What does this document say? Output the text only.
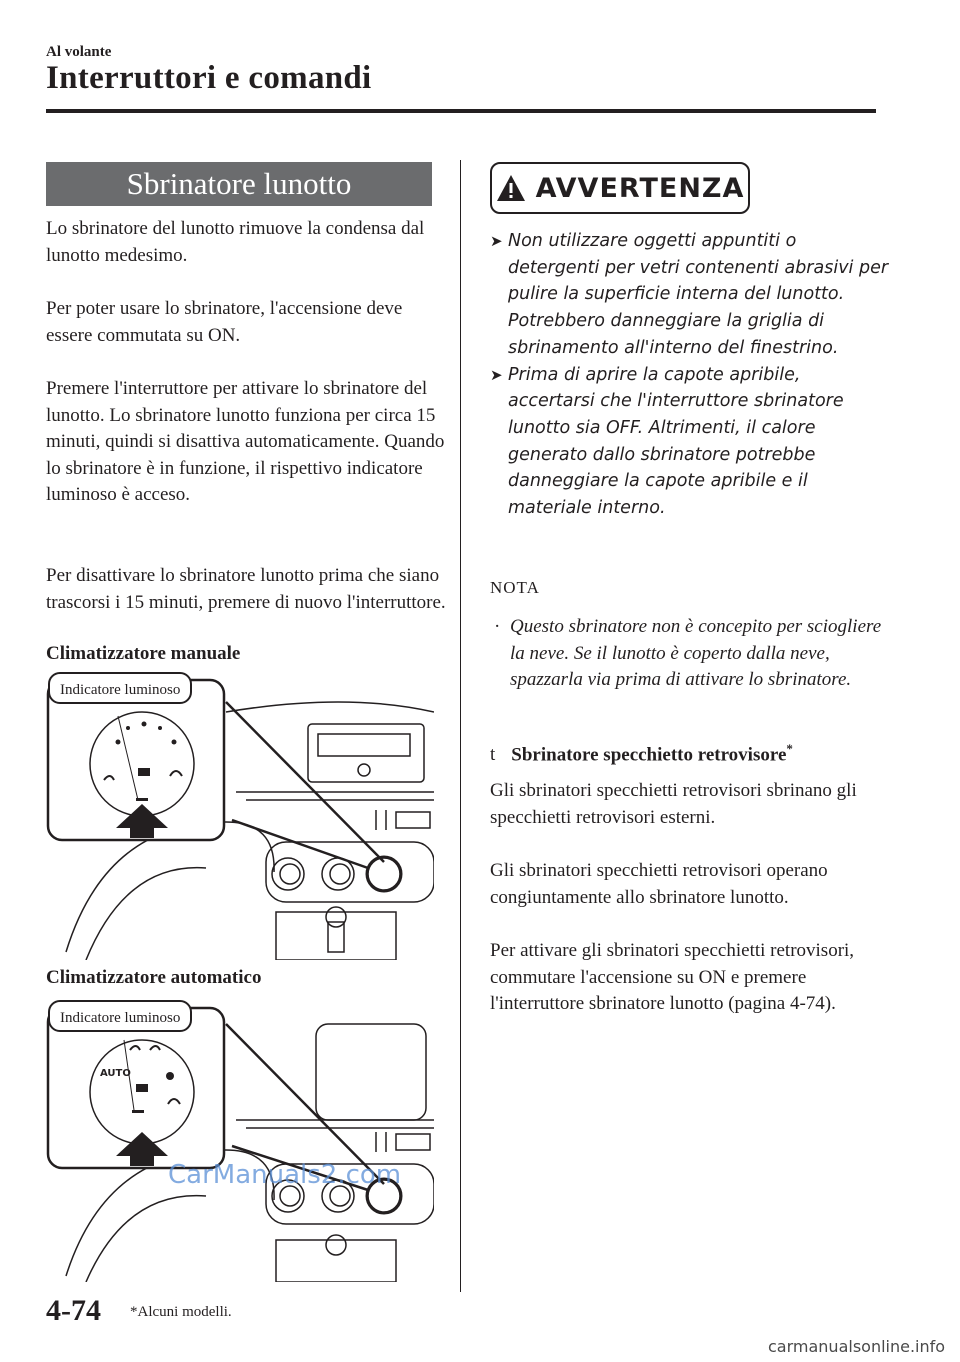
Al volante
Interruttori e comandi
Sbrinatore lunotto
Lo sbrinatore del lunotto rimuove la condensa dal lunotto medesimo.
Per poter usare lo sbrinatore, l'accensione deve essere commutata su ON.
Premere l'interruttore per attivare lo sbrinatore del lunotto. Lo sbrinatore lunotto funziona per circa 15 minuti, quindi si disattiva automaticamente. Quando lo sbrinatore è in funzione, il rispettivo indicatore luminoso è acceso.
Per disattivare lo sbrinatore lunotto prima che siano trascorsi i 15 minuti, premere di nuovo l'interruttore.
Climatizzatore manuale
Indicatore luminoso
Climatizzatore automatico
AUTO
Indicatore luminoso
CarManuals2.com
AVVERTENZA
➤ Non utilizzare oggetti appuntiti o detergenti per vetri contenenti abrasivi per pulire la superficie interna del lunotto. Potrebbero danneggiare la griglia di sbrinamento all'interno del finestrino.
➤ Prima di aprire la capote apribile, accertarsi che l'interruttore sbrinatore lunotto sia OFF. Altrimenti, il calore generato dallo sbrinatore potrebbe danneggiare la capote apribile e il materiale interno.
NOTA
· Questo sbrinatore non è concepito per sciogliere la neve. Se il lunotto è coperto dalla neve, spazzarla via prima di attivare lo sbrinatore.
t Sbrinatore specchietto retrovisore*
Gli sbrinatori specchietti retrovisori sbrinano gli specchietti retrovisori esterni.
Gli sbrinatori specchietti retrovisori operano congiuntamente allo sbrinatore lunotto.
Per attivare gli sbrinatori specchietti retrovisori, commutare l'accensione su ON e premere l'interruttore sbrinatore lunotto (pagina 4-74).
4-74 *Alcuni modelli.
carmanualsonline.info
